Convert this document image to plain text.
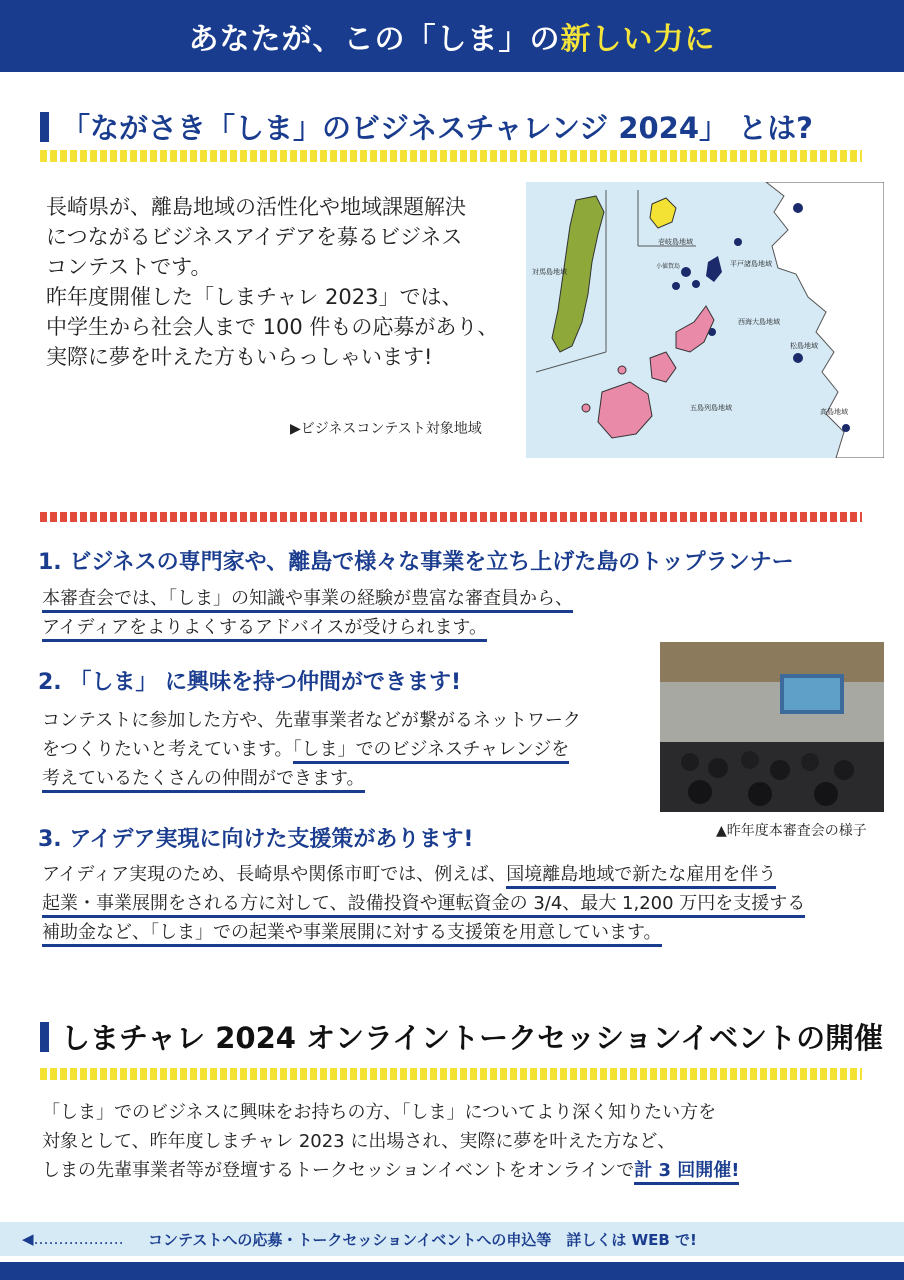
あなたが、この「しま」の新しい力に
「ながさき「しま」のビジネスチャレンジ 2024」 とは?
長崎県が、離島地域の活性化や地域課題解決
につながるビジネスアイデアを募るビジネス
コンテストです。
昨年度開催した「しまチャレ 2023」では、
中学生から社会人まで 100 件もの応募があり、
実際に夢を叶えた方もいらっしゃいます!
▶ビジネスコンテスト対象地域
対馬島地域
壱岐島地域
平戸諸島地域
小値賀島
西海大島地域
五島列島地域
松島地域
高島地域
1. ビジネスの専門家や、離島で様々な事業を立ち上げた島のトップランナー
本審査会では、「しま」の知識や事業の経験が豊富な審査員から、
アイディアをよりよくするアドバイスが受けられます。
2. 「しま」 に興味を持つ仲間ができます!
コンテストに参加した方や、先輩事業者などが繋がるネットワーク
をつくりたいと考えています。「しま」でのビジネスチャレンジを
考えているたくさんの仲間ができます。
▲昨年度本審査会の様子
3. アイデア実現に向けた支援策があります!
アイディア実現のため、長崎県や関係市町では、例えば、国境離島地域で新たな雇用を伴う
起業・事業展開をされる方に対して、設備投資や運転資金の 3/4、最大 1,200 万円を支援する
補助金など、「しま」での起業や事業展開に対する支援策を用意しています。
しまチャレ 2024 オンライントークセッションイベントの開催
「しま」でのビジネスに興味をお持ちの方、「しま」についてより深く知りたい方を
対象として、昨年度しまチャレ 2023 に出場され、実際に夢を叶えた方など、
しまの先輩事業者等が登壇するトークセッションイベントをオンラインで計 3 回開催!
◀‥‥‥‥‥‥‥‥‥ コンテストへの応募・トークセッションイベントへの申込等　詳しくは WEB で!
